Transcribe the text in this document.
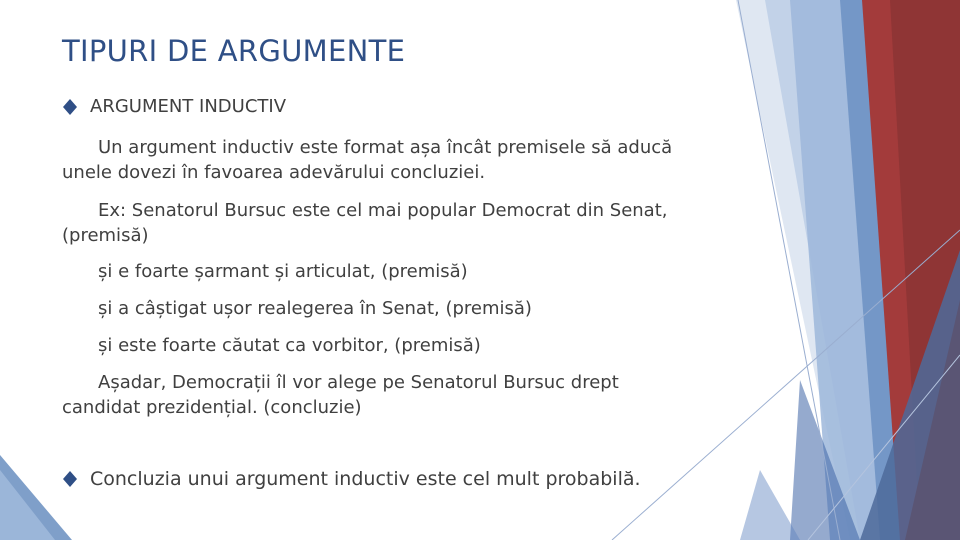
TIPURI DE ARGUMENTE
ARGUMENT INDUCTIV
Un argument inductiv este format așa încât premisele să aducă
unele dovezi în favoarea adevărului concluziei.
Ex: Senatorul Bursuc este cel mai popular Democrat din Senat,
(premisă)
și e foarte șarmant și articulat, (premisă)
și a câștigat ușor realegerea în Senat, (premisă)
și este foarte căutat ca vorbitor, (premisă)
Așadar, Democrații îl vor alege pe Senatorul Bursuc drept
candidat prezidențial. (concluzie)
Concluzia unui argument inductiv este cel mult probabilă.
